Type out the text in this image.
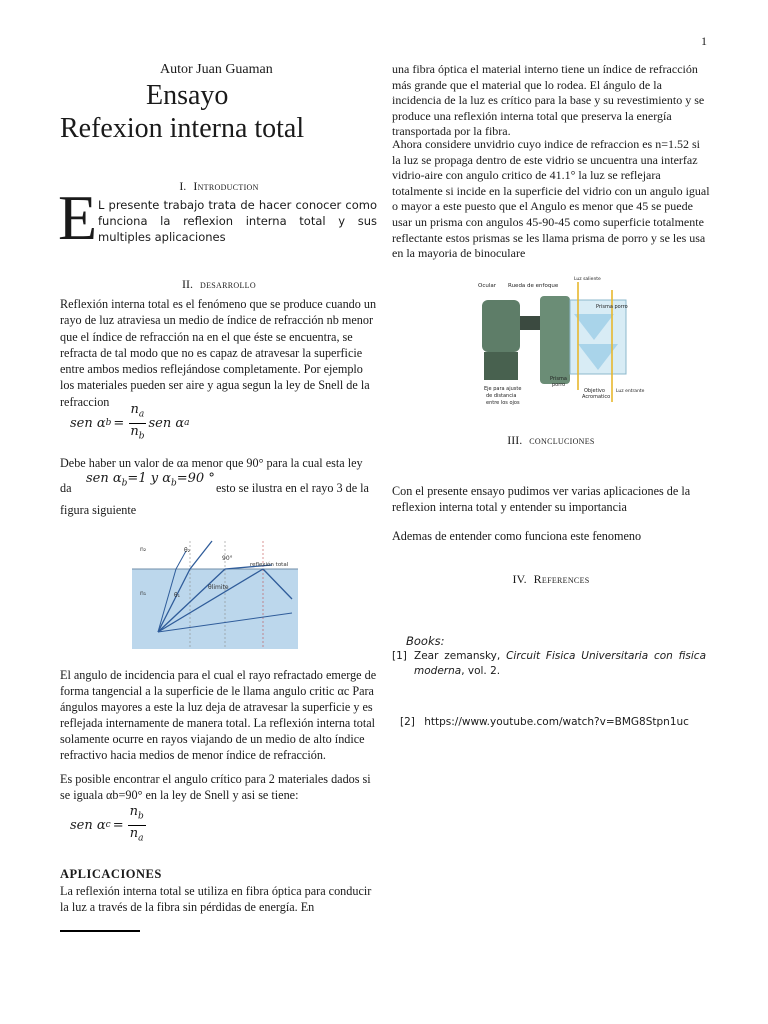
1
Autor Juan Guaman
Ensayo
Refexion interna total
I. Introduction
E L presente trabajo trata de hacer conocer como funciona la reflexion interna total y sus multiples aplicaciones

II. desarrollo

Reflexión interna total es el fenómeno que se produce cuando un rayo de luz atraviesa un medio de índice de refracción nb menor que el índice de refracción na en el que éste se encuentra, se refracta de tal modo que no es capaz de atravesar la superficie entre ambos medios reflejándose completamente. Por ejemplo los materiales pueden ser aire y agua segun la ley de Snell de la refraccion

sen α $b = \frac{n_a}{n_b}$ sen α a

Debe haber un valor de αa menor que 90° para la cual esta ley

da
sen $\alpha_b=1$ y $\alpha_b=90$ °
esto se ilustra en el rayo 3 de la
figura siguiente
n₂
n₁
θ₂
θ₁
90°
θlimite
reflexión total

El angulo de incidencia para el cual el rayo refractado emerge de forma tangencial a la superficie de le llama angulo critic αc Para ángulos mayores a este la luz deja de atravesar la superficie y es reflejada internamente de manera total. La reflexión interna total solamente ocurre en rayos viajando de un medio de alto índice refractivo hacia medios de menor índice de refracción.

Es posible encontrar el angulo crítico para 2 materiales dados si se iguala αb=90° en la ley de Snell y asi se tiene:

sen α $c = \frac{n_b}{n_a}$
APLICACIONES

La reflexión interna total se utiliza en fibra óptica para conducir la luz a través de la fibra sin pérdidas de energía. En

una fibra óptica el material interno tiene un índice de refracción más grande que el material que lo rodea. El ángulo de la incidencia de la luz es crítico para la base y su revestimiento y se produce una reflexión interna total que preserva la energía transportada por la fibra.

Ahora considere unvidrio cuyo indice de refraccion es n=1.52 si la luz se propaga dentro de este vidrio se uncuentra una interfaz vidrio-aire con angulo critico de 41.1° la luz se reflejara totalmente si incide en la superficie del vidrio con un angulo igual o mayor a este puesto que el Angulo es menor que 45 se puede usar un prisma con angulos 45-90-45 como superficie totalmente reflectante estos prismas se les llama prisma de porro y se les usa en la mayoria de binoculare

Ocular Rueda de enfoque
Luz saliente
Prisma porro
Eje para ajuste
de distancia
entre los ojos
Prisma
porro
Objetivo
Acromatico
Luz entrante
III. concluciones

Con el presente ensayo pudimos ver varias aplicaciones de la reflexion interna total y entender su importancia

Ademas de entender como funciona este fenomeno

IV. References
Books:
[1] Zear zemansky, Circuit Fisica Universitaria con fisica moderna, vol. 2.
[2] https://www.youtube.com/watch?v=BMG8Stpn1uc
